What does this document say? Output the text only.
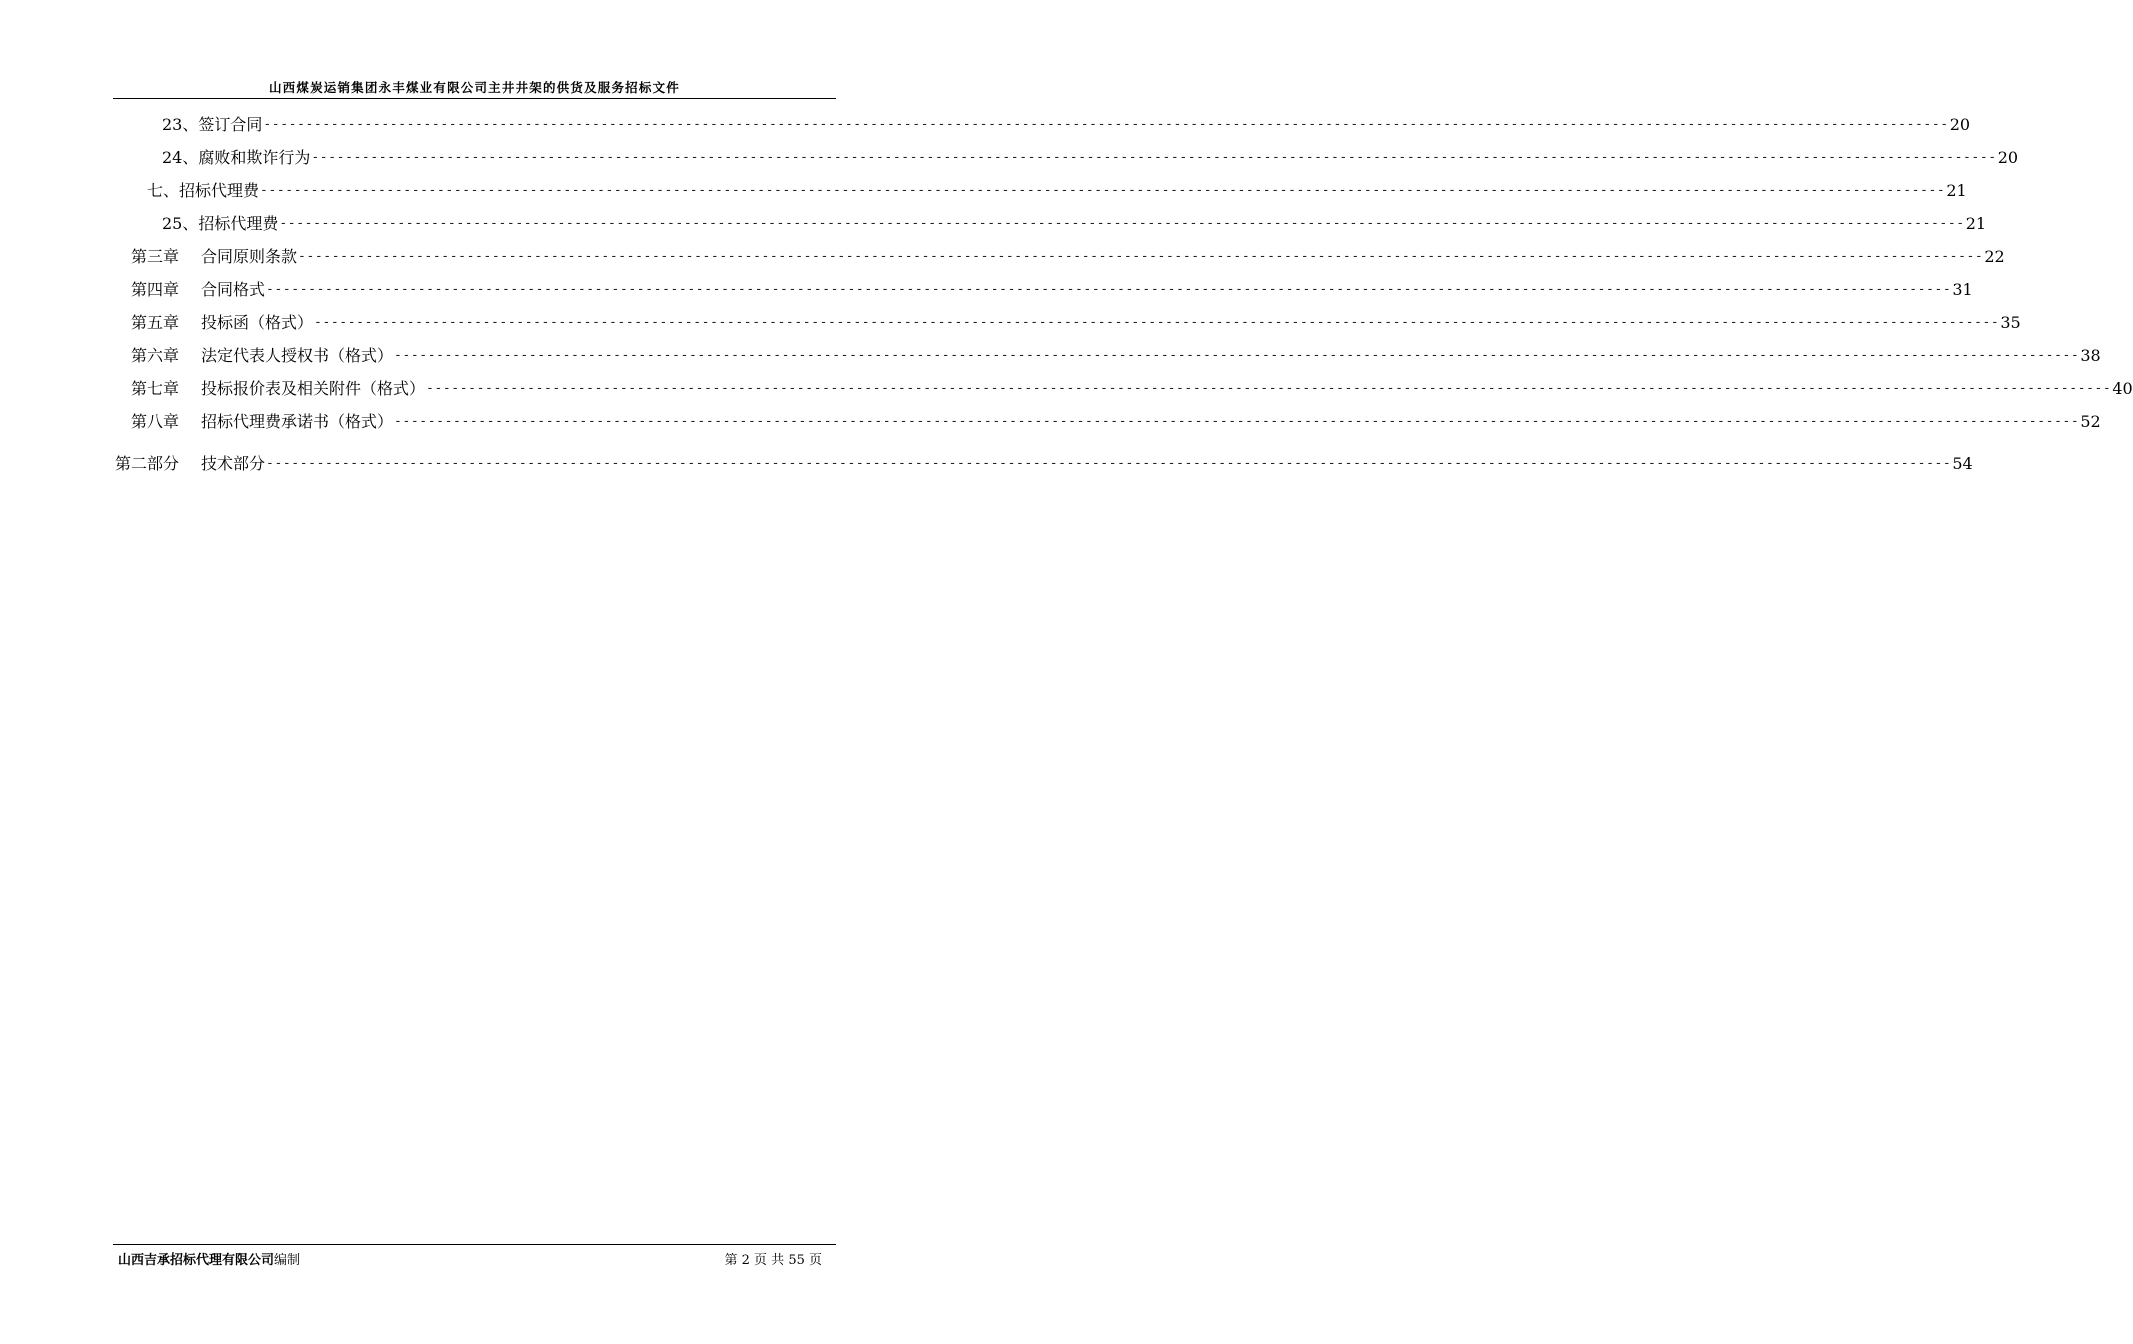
山西煤炭运销集团永丰煤业有限公司主井井架的供货及服务招标文件
23、签订合同 -------------------------------------------------------------------------------------------------------------------------------------------------------------------------------------------------------- 20
24、腐败和欺诈行为 -------------------------------------------------------------------------------------------------------------------------------------------------------------------------------------------------------- 20
七、招标代理费 -------------------------------------------------------------------------------------------------------------------------------------------------------------------------------------------------------- 21
25、招标代理费 -------------------------------------------------------------------------------------------------------------------------------------------------------------------------------------------------------- 21
第三章 合同原则条款 -------------------------------------------------------------------------------------------------------------------------------------------------------------------------------------------------------- 22
第四章 合同格式 -------------------------------------------------------------------------------------------------------------------------------------------------------------------------------------------------------- 31
第五章 投标函（格式） -------------------------------------------------------------------------------------------------------------------------------------------------------------------------------------------------------- 35
第六章 法定代表人授权书（格式） -------------------------------------------------------------------------------------------------------------------------------------------------------------------------------------------------------- 38
第七章 投标报价表及相关附件（格式） -------------------------------------------------------------------------------------------------------------------------------------------------------------------------------------------------------- 40
第八章 招标代理费承诺书（格式） -------------------------------------------------------------------------------------------------------------------------------------------------------------------------------------------------------- 52
第二部分 技术部分 -------------------------------------------------------------------------------------------------------------------------------------------------------------------------------------------------------- 54
山西吉承招标代理有限公司编制	第 2 页 共 55 页
